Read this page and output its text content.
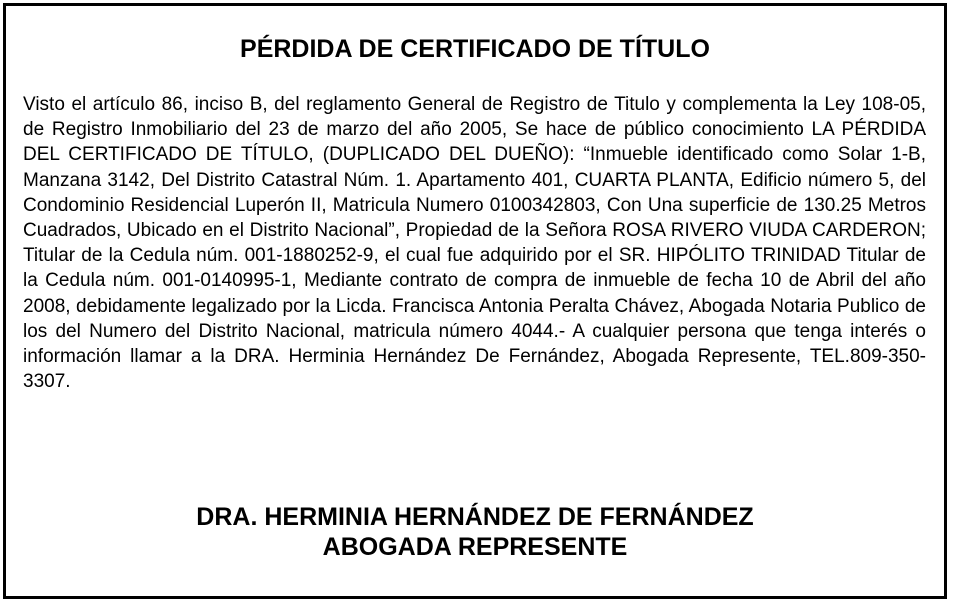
PÉRDIDA DE CERTIFICADO DE TÍTULO

Visto el artículo 86, inciso B, del reglamento General de Registro de Titulo y complementa la Ley 108-05, de Registro Inmobiliario del 23 de marzo del año 2005, Se hace de público conocimiento LA PÉRDIDA DEL CERTIFICADO DE TÍTULO, (DUPLICADO DEL DUEÑO): “Inmueble identificado como Solar 1-B, Manzana 3142, Del Distrito Catastral Núm. 1. Apartamento 401, CUARTA PLANTA, Edificio número 5, del Condominio Residencial Luperón II, Matricula Numero 0100342803, Con Una superficie de 130.25 Metros Cuadrados, Ubicado en el Distrito Nacional”, Propiedad de la Señora ROSA RIVERO VIUDA CARDERON; Titular de la Cedula núm. 001-1880252-9, el cual fue adquirido por el SR. HIPÓLITO TRINIDAD Titular de la Cedula núm. 001-0140995-1, Mediante contrato de compra de inmueble de fecha 10 de Abril del año 2008, debidamente legalizado por la Licda. Francisca Antonia Peralta Chávez, Abogada Notaria Publico de los del Numero del Distrito Nacional, matricula número 4044.- A cualquier persona que tenga interés o información llamar a la DRA. Herminia Hernández De Fernández, Abogada Represente, TEL.809-350-3307.

DRA. HERMINIA HERNÁNDEZ DE FERNÁNDEZ
ABOGADA REPRESENTE
